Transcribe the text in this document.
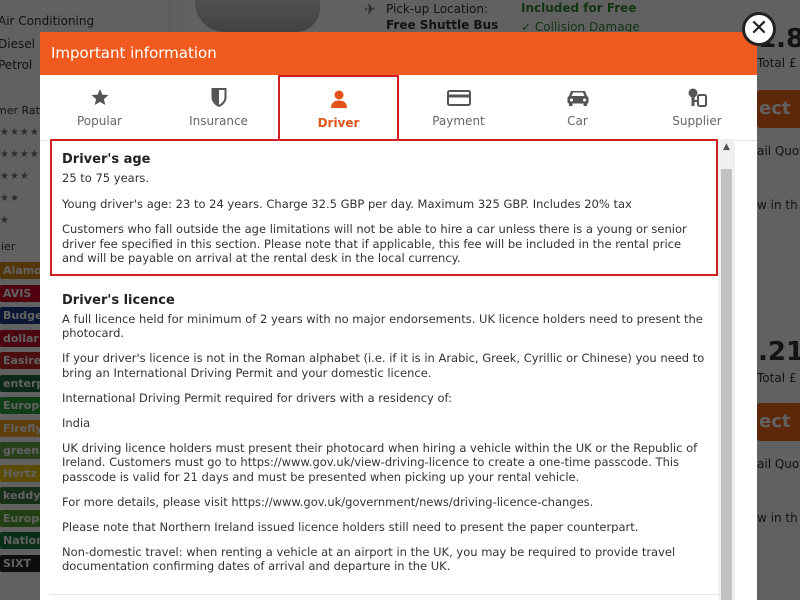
✕
Important information
Popular	Insurance	Driver	Payment	Car	Supplier
Driver's age

25 to 75 years.

Young driver's age: 23 to 24 years. Charge 32.5 GBP per day. Maximum 325 GBP. Includes 20% tax

Customers who fall outside the age limitations will not be able to hire a car unless there is a young or senior driver fee specified in this section. Please note that if applicable, this fee will be included in the rental price and will be payable on arrival at the rental desk in the local currency.

Driver's licence

A full licence held for minimum of 2 years with no major endorsements. UK licence holders need to present the photocard.

If your driver's licence is not in the Roman alphabet (i.e. if it is in Arabic, Greek, Cyrillic or Chinese) you need to bring an International Driving Permit and your domestic licence.

International Driving Permit required for drivers with a residency of:

India

UK driving licence holders must present their photocard when hiring a vehicle within the UK or the Republic of Ireland. Customers must go to https://www.gov.uk/view-driving-licence to create a one-time passcode. This passcode is valid for 21 days and must be presented when picking up your rental vehicle.

For more details, please visit https://www.gov.uk/government/news/driving-licence-changes.

Please note that Northern Ireland issued licence holders still need to present the paper counterpart.

Non-domestic travel: when renting a vehicle at an airport in the UK, you may be required to provide travel documentation confirming dates of arrival and departure in the UK.

▲
